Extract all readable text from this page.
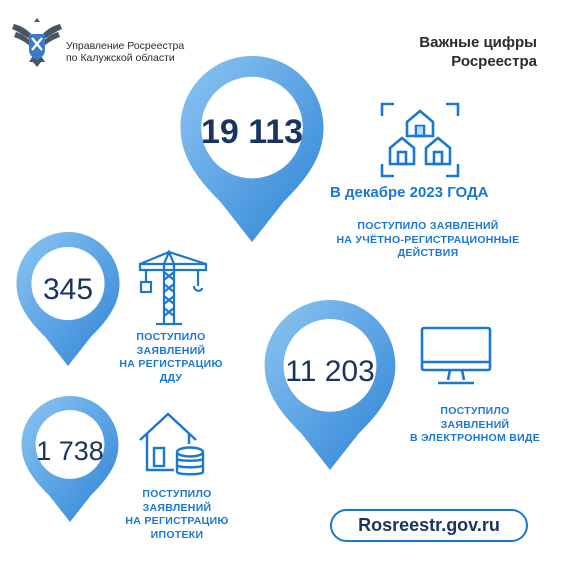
Управление Росреестра
по Калужской области
Важные цифры
Росреестра
19 113
В декабре 2023 ГОДА
ПОСТУПИЛО ЗАЯВЛЕНИЙ
НА УЧЁТНО-РЕГИСТРАЦИОННЫЕ
ДЕЙСТВИЯ
345
ПОСТУПИЛО
ЗАЯВЛЕНИЙ
НА РЕГИСТРАЦИЮ
ДДУ	11 203
ПОСТУПИЛО
ЗАЯВЛЕНИЙ
В ЭЛЕКТРОННОМ ВИДЕ
1 738
ПОСТУПИЛО
ЗАЯВЛЕНИЙ
НА РЕГИСТРАЦИЮ
ИПОТЕКИ	Rosreestr.gov.ru
